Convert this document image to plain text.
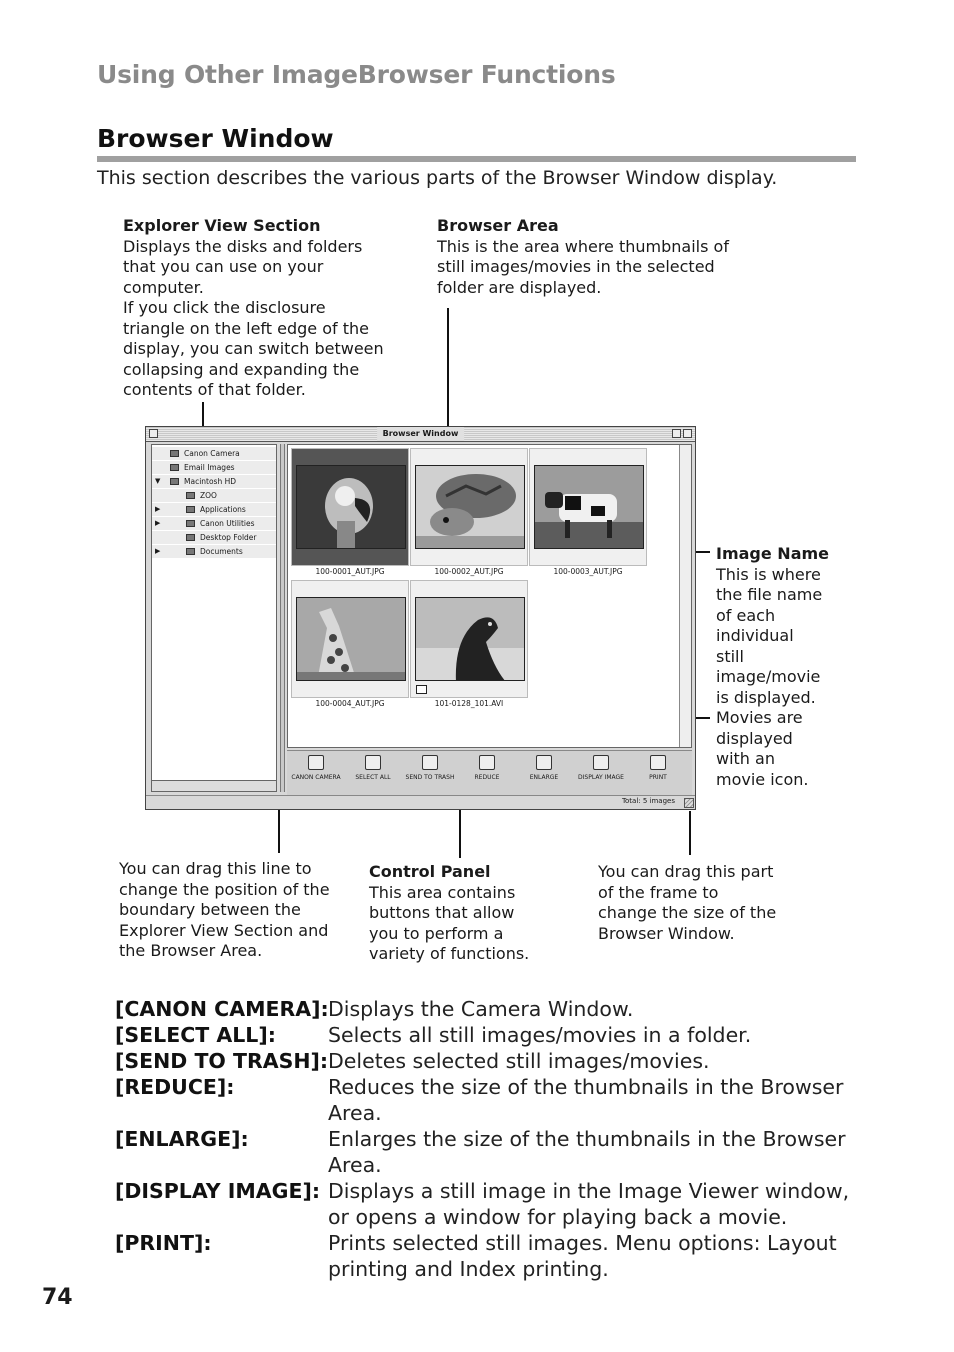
Using Other ImageBrowser Functions
Browser Window
This section describes the various parts of the Browser Window display.
Explorer View Section
Displays the disks and folders
that you can use on your
computer.
If you click the disclosure
triangle on the left edge of the
display, you can switch between
collapsing and expanding the
contents of that folder.
Browser Area
This is the area where thumbnails of
still images/movies in the selected
folder are displayed.
Image Name
This is where
the file name
of each
individual
still
image/movie
is displayed.
Movies are
displayed
with an
movie icon.
You can drag this line to
change the position of the
boundary between the
Explorer View Section and
the Browser Area.
Control Panel
This area contains
buttons that allow
you to perform a
variety of functions.
You can drag this part
of the frame to
change the size of the
Browser Window.
Browser Window
Canon Camera
Email Images
▼	Macintosh HD
ZOO
▶	Applications
▶	Canon Utilities
Desktop Folder
▶	Documents
100-0001_AUT.JPG	100-0002_AUT.JPG	100-0003_AUT.JPG
100-0004_AUT.JPG	101-0128_101.AVI
CANON CAMERA	SELECT ALL	SEND TO TRASH	REDUCE	ENLARGE	DISPLAY IMAGE	PRINT
Total: 5 images
[CANON CAMERA]: Displays the Camera Window.
[SELECT ALL]:	Selects all still images/movies in a folder.
[SEND TO TRASH]: Deletes selected still images/movies.
[REDUCE]:	Reduces the size of the thumbnails in the Browser Area.
[ENLARGE]:	Enlarges the size of the thumbnails in the Browser Area.
[DISPLAY IMAGE]: Displays a still image in the Image Viewer window, or opens a window for playing back a movie.
[PRINT]:	Prints selected still images. Menu options: Layout printing and Index printing.
74
